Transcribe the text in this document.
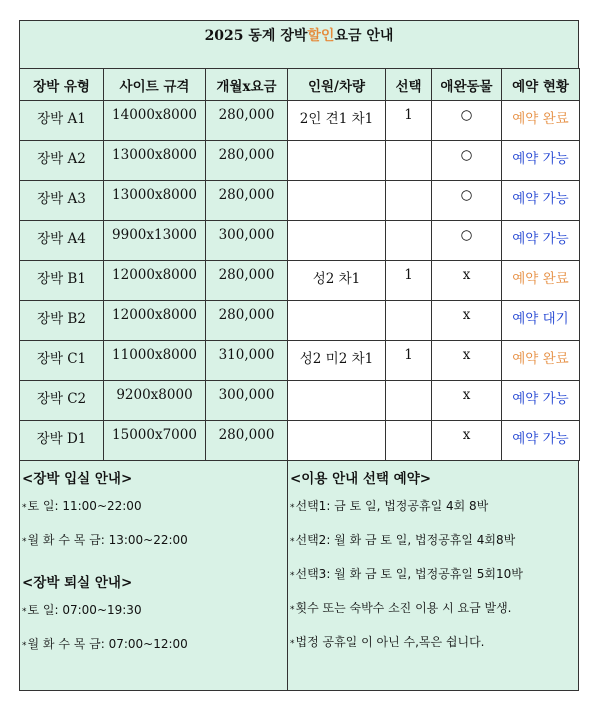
2025 동계 장박 할인 요금 안내
장박 유형	사이트 규격	개월x요금	인원/차량	선택	애완동물	예약 현황
장박 A1	14000x8000	280,000	2인 견1 차1	1	○	예약 완료
장박 A2	13000x8000	280,000			○	예약 가능
장박 A3	13000x8000	280,000			○	예약 가능
장박 A4	9900x13000	300,000			○	예약 가능
장박 B1	12000x8000	280,000	성2 차1	1	x	예약 완료
장박 B2	12000x8000	280,000			x	예약 대기
장박 C1	11000x8000	310,000	성2 미2 차1	1	x	예약 완료
장박 C2	9200x8000	300,000			x	예약 가능
장박 D1	15000x7000	280,000			x	예약 가능
<장박 입실 안내>
*토 일: 11:00~22:00
*월 화 수 목 금: 13:00~22:00
<장박 퇴실 안내>
*토 일: 07:00~19:30
*월 화 수 목 금: 07:00~12:00
<이용 안내 선택 예약>
*선택1: 금 토 일, 법정공휴일 4회 8박
*선택2: 월 화 금 토 일, 법정공휴일 4회8박
*선택3: 월 화 금 토 일, 법정공휴일 5회10박
*횟수 또는 숙박수 소진 이용 시 요금 발생.
*법정 공휴일 이 아닌 수,목은 쉽니다.
